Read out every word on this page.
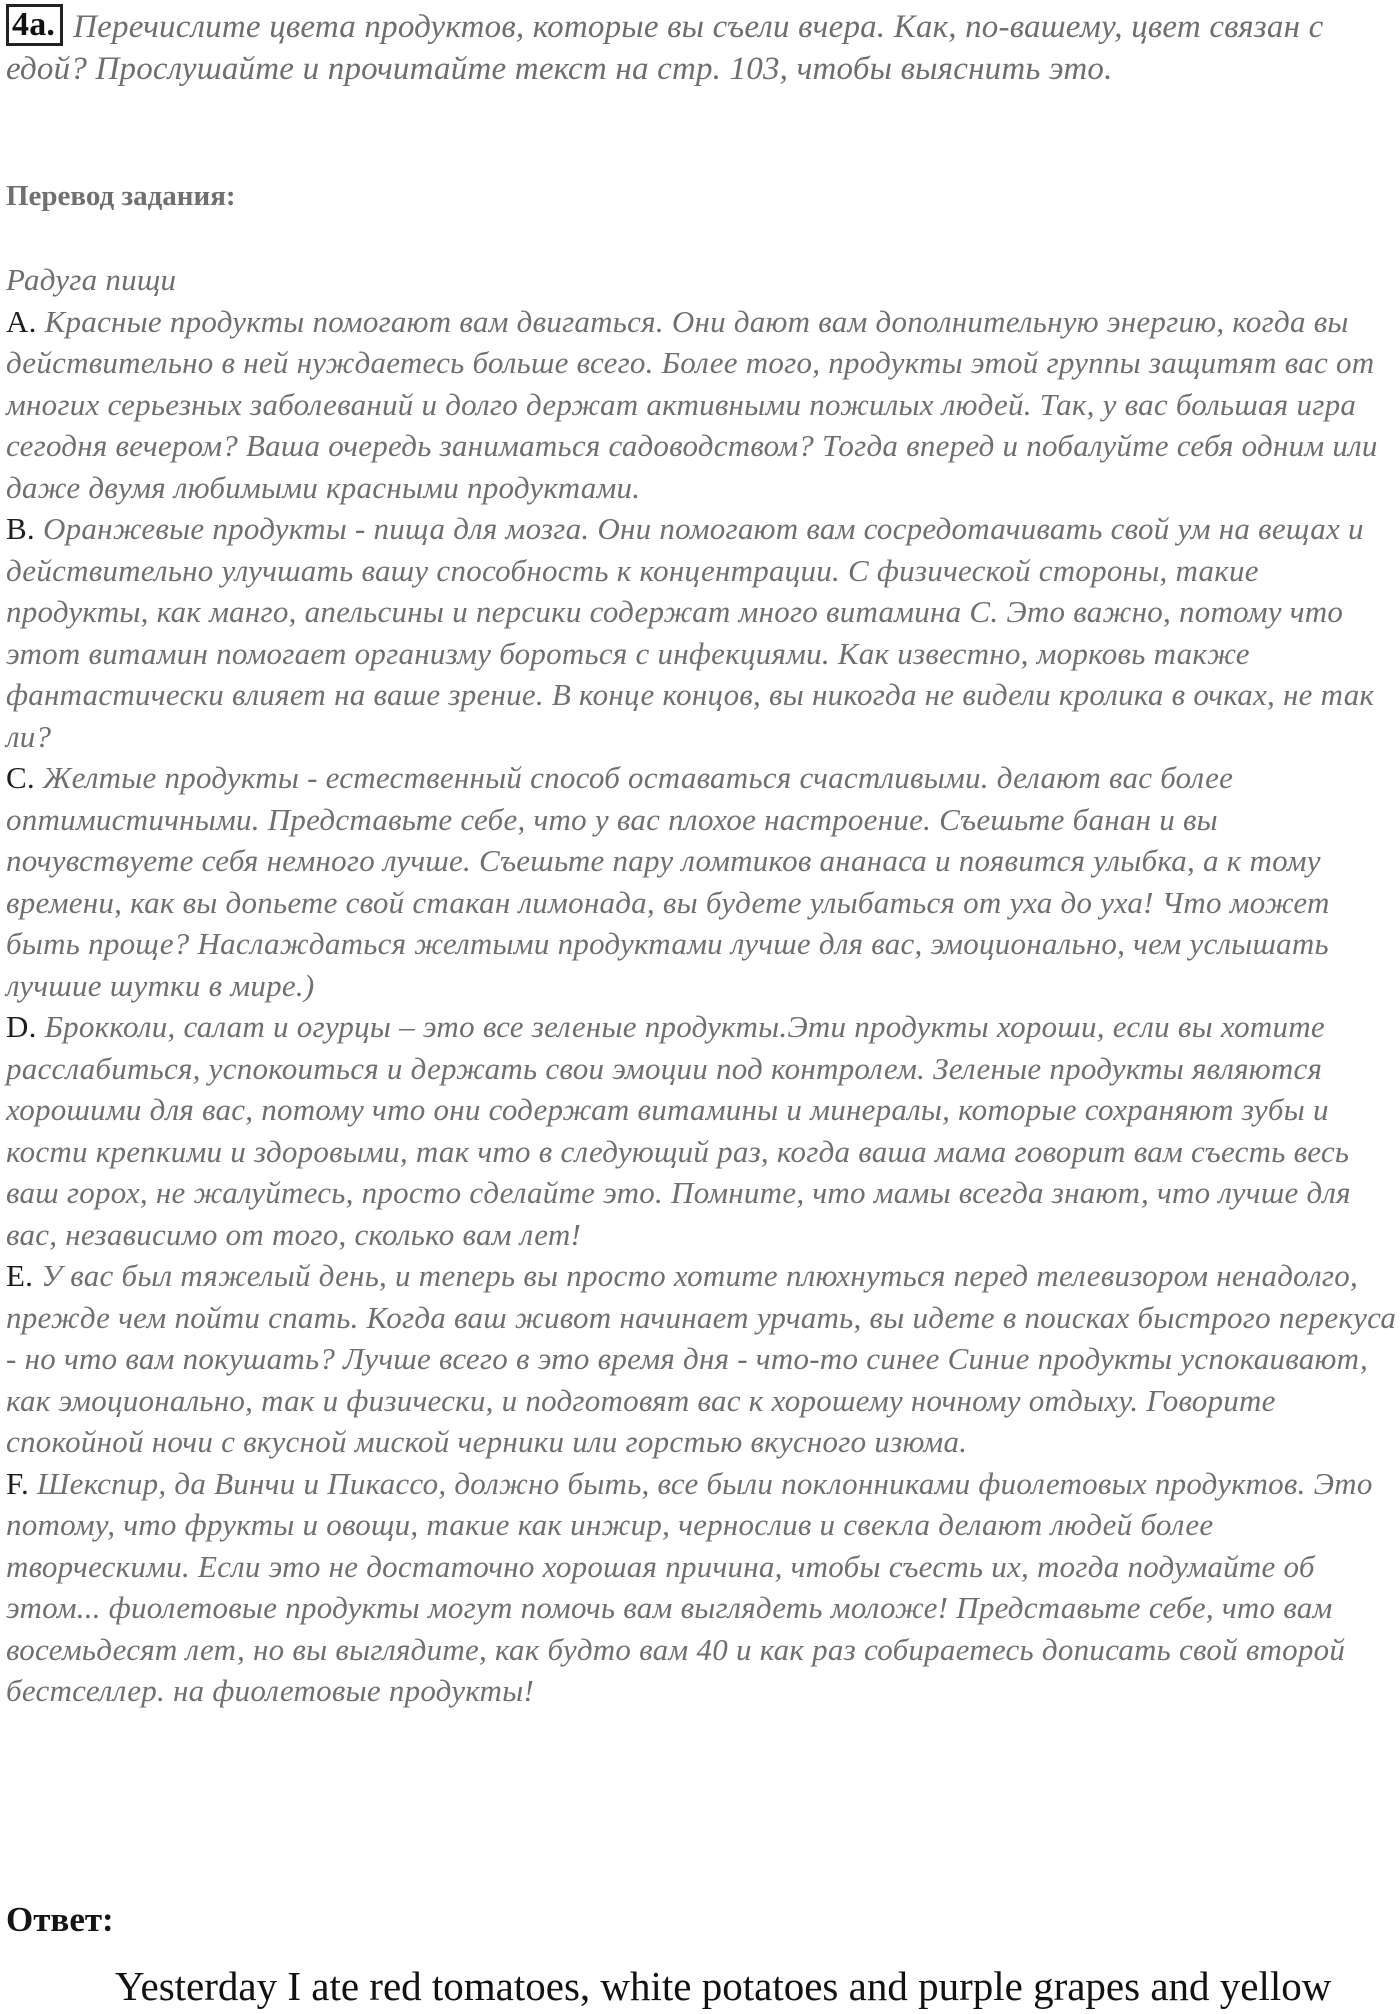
4a. Перечислите цвета продуктов, которые вы съели вчера. Как, по-вашему, цвет связан с едой? Прослушайте и прочитайте текст на стр. 103, чтобы выяснить это.
Перевод задания:

Радуга пищи

A. Красные продукты помогают вам двигаться. Они дают вам дополнительную энергию, когда вы действительно в ней нуждаетесь больше всего. Более того, продукты этой группы защитят вас от многих серьезных заболеваний и долго держат активными пожилых людей. Так, у вас большая игра сегодня вечером? Ваша очередь заниматься садоводством? Тогда вперед и побалуйте себя одним или даже двумя любимыми красными продуктами.

B. Оранжевые продукты - пища для мозга. Они помогают вам сосредотачивать свой ум на вещах и действительно улучшать вашу способность к концентрации. С физической стороны, такие продукты, как манго, апельсины и персики содержат много витамина С. Это важно, потому что этот витамин помогает организму бороться с инфекциями. Как известно, морковь также фантастически влияет на ваше зрение. В конце концов, вы никогда не видели кролика в очках, не так ли?

C. Желтые продукты - естественный способ оставаться счастливыми. делают вас более оптимистичными. Представьте себе, что у вас плохое настроение. Съешьте банан и вы почувствуете себя немного лучше. Съешьте пару ломтиков ананаса и появится улыбка, а к тому времени, как вы допьете свой стакан лимонада, вы будете улыбаться от уха до уха! Что может быть проще? Наслаждаться желтыми продуктами лучше для вас, эмоционально, чем услышать лучшие шутки в мире.)

D. Брокколи, салат и огурцы – это все зеленые продукты.Эти продукты хороши, если вы хотите расслабиться, успокоиться и держать свои эмоции под контролем. Зеленые продукты являются хорошими для вас, потому что они содержат витамины и минералы, которые сохраняют зубы и кости крепкими и здоровыми, так что в следующий раз, когда ваша мама говорит вам съесть весь ваш горох, не жалуйтесь, просто сделайте это. Помните, что мамы всегда знают, что лучше для вас, независимо от того, сколько вам лет!

E. У вас был тяжелый день, и теперь вы просто хотите плюхнуться перед телевизором ненадолго, прежде чем пойти спать. Когда ваш живот начинает урчать, вы идете в поисках быстрого перекуса - но что вам покушать? Лучше всего в это время дня - что-то синее Синие продукты успокаивают, как эмоционально, так и физически, и подготовят вас к хорошему ночному отдыху. Говорите спокойной ночи с вкусной миской черники или горстью вкусного изюма.

F. Шекспир, да Винчи и Пикассо, должно быть, все были поклонниками фиолетовых продуктов. Это потому, что фрукты и овощи, такие как инжир, чернослив и свекла делают людей более творческими. Если это не достаточно хорошая причина, чтобы съесть их, тогда подумайте об этом... фиолетовые продукты могут помочь вам выглядеть моложе! Представьте себе, что вам восемьдесят лет, но вы выглядите, как будто вам 40 и как раз собираетесь дописать свой второй бестселлер. на фиолетовые продукты!

Ответ:
Yesterday I ate red tomatoes, white potatoes and purple grapes and yellow
